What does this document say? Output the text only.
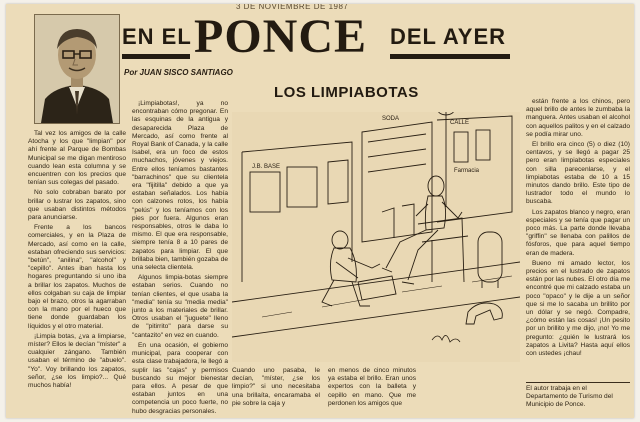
3 DE NOVIEMBRE DE 1987
EN EL PONCE DEL AYER
Por JUAN SISCO SANTIAGO
LOS LIMPIABOTAS

Tal vez los amigos de la calle Atocha y los que "limpian" por ahí frente al Parque de Bombas Municipal se me digan mentiroso cuando lean esta columna y se encuentren con los precios que tenían sus colegas del pasado.

No solo cobraban barato por brillar o lustrar los zapatos, sino que usaban distintos métodos para anunciarse.

Frente a los bancos comerciales, y en la Plaza de Mercado, así como en la calle, estaban ofreciendo sus servicios: "betún", "anilina", "alcohol" y "cepillo". Antes iban hasta los hogares preguntando si uno iba a brillar los zapatos. Muchos de ellos colgaban su caja de limpiar bajo el brazo, otros la agarraban con la mano por el hueco que tiene donde guardaban los líquidos y el otro material.

¡Limpia botas, ¿va a limpiarse, míster? Ellos le decían "míster" a cualquier zángano. También usaban el término de "abuelo". "Yo". Voy brillando los zapatos, señor, ¿se los limpio?... Qué muchos había!

¡Limpiabotas!, ya no encontraban cómo pregonar. En las esquinas de la antigua y desaparecida Plaza de Mercado, así como frente al Royal Bank of Canada, y la calle Isabel, era un foco de estos muchachos, jóvenes y viejos. Entre ellos teníamos bastantes "barrachinos" que su clientela era "fijitilla" debido a que ya estaban señalados. Los había con calzones rotos, los había "pelús" y los teníamos con los pies por fuera. Algunos eran responsables, otros le daba lo mismo. El que era responsable, siempre tenía 8 a 10 pares de zapatos para limpiar. El que brillaba bien, también gozaba de una selecta clientela.

Algunos limpia-botas siempre estaban serios. Cuando no tenían clientes, el que usaba la "media" tenía su "media media" junto a los materiales de brillar. Otros usaban el "juguete" lleno de "pitirrito" para darse su "cantazito" en vez en cuando.

En una ocasión, el gobierno municipal, para cooperar con esta clase trabajadora, le llegó a suplir las "cajas" y permisos buscando su mejor bienestar para ellos. A pesar de que estaban juntos en una competencia un poco fuerte, no hubo desgracias personales.

SODA
Farmacia
CALLE
J.B. BASE
Cuando uno pasaba, le decían, "míster, ¿se los limpio?" si uno necesitaba una brillaíta, encaramaba el pie sobre la caja y
en menos de cinco minutos ya estaba el brillo. Eran unos expertos con la balleta y cepillo en mano. Que me perdonen los amigos que

están frente a los chinos, pero aquel brillo de antes le zumbaba la manguera. Antes usaban el alcohol con aquellos palitos y en el calzado se podía mirar uno.

El brillo era cinco (5) o diez (10) centavos, y se llegó a pagar 25 pero eran limpiabotas especiales con silla parecenlarse, y el limpiabotas estaba de 10 a 15 minutos dando brillo. Este tipo de lustrador todo el mundo lo buscaba.

Los zapatos blanco y negro, eran especiales y se tenía que pagar un poco más. La parte donde llevaba "griffin" se llenaba con palillos de fósforos, que para aquel tiempo eran de madera.

Bueno mi amado lector, los precios en el lustrado de zapatos están por las nubes. El otro día me encontré que mi calzado estaba un poco "opaco" y le dije a un señor que si me lo sacaba un brillito por un dólar y se negó. Compadre, ¿cómo están las cosas! ¡Un pesito por un brillito y me dijo, ¡no! Yo me pregunto: ¿quién le lustrará los zapatos a Livita? Hasta aquí ellos con ustedes ¡chau!

El autor trabaja en el Departamento de Turismo del Municipio de Ponce.
